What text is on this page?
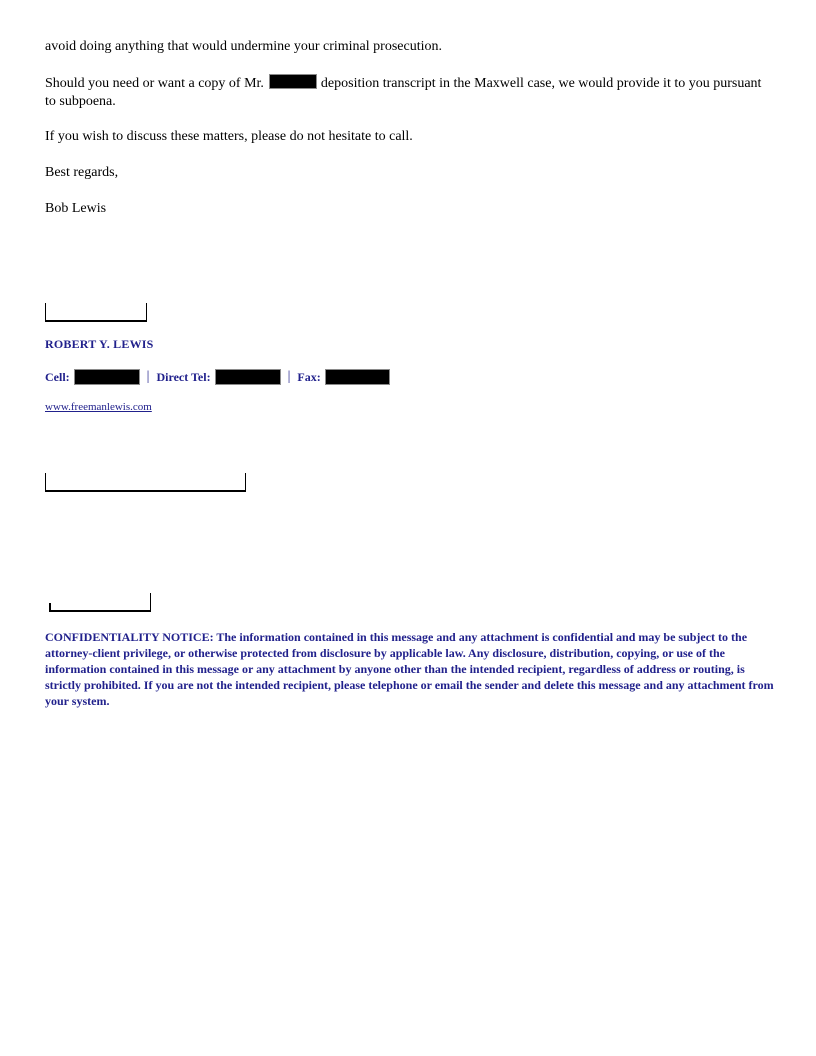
avoid doing anything that would undermine your criminal prosecution.

Should you need or want a copy of Mr.	deposition transcript in the Maxwell case, we would provide it to you pursuant to subpoena.

If you wish to discuss these matters, please do not hesitate to call.

Best regards,

Bob Lewis

ROBERT Y. LEWIS
Cell:	| Direct Tel:	| Fax:
www.freemanlewis.com
CONFIDENTIALITY NOTICE: The information contained in this message and any attachment is confidential and may be subject to the attorney-client privilege, or otherwise protected from disclosure by applicable law. Any disclosure, distribution, copying, or use of the information contained in this message or any attachment by anyone other than the intended recipient, regardless of address or routing, is strictly prohibited. If you are not the intended recipient, please telephone or email the sender and delete this message and any attachment from your system.
